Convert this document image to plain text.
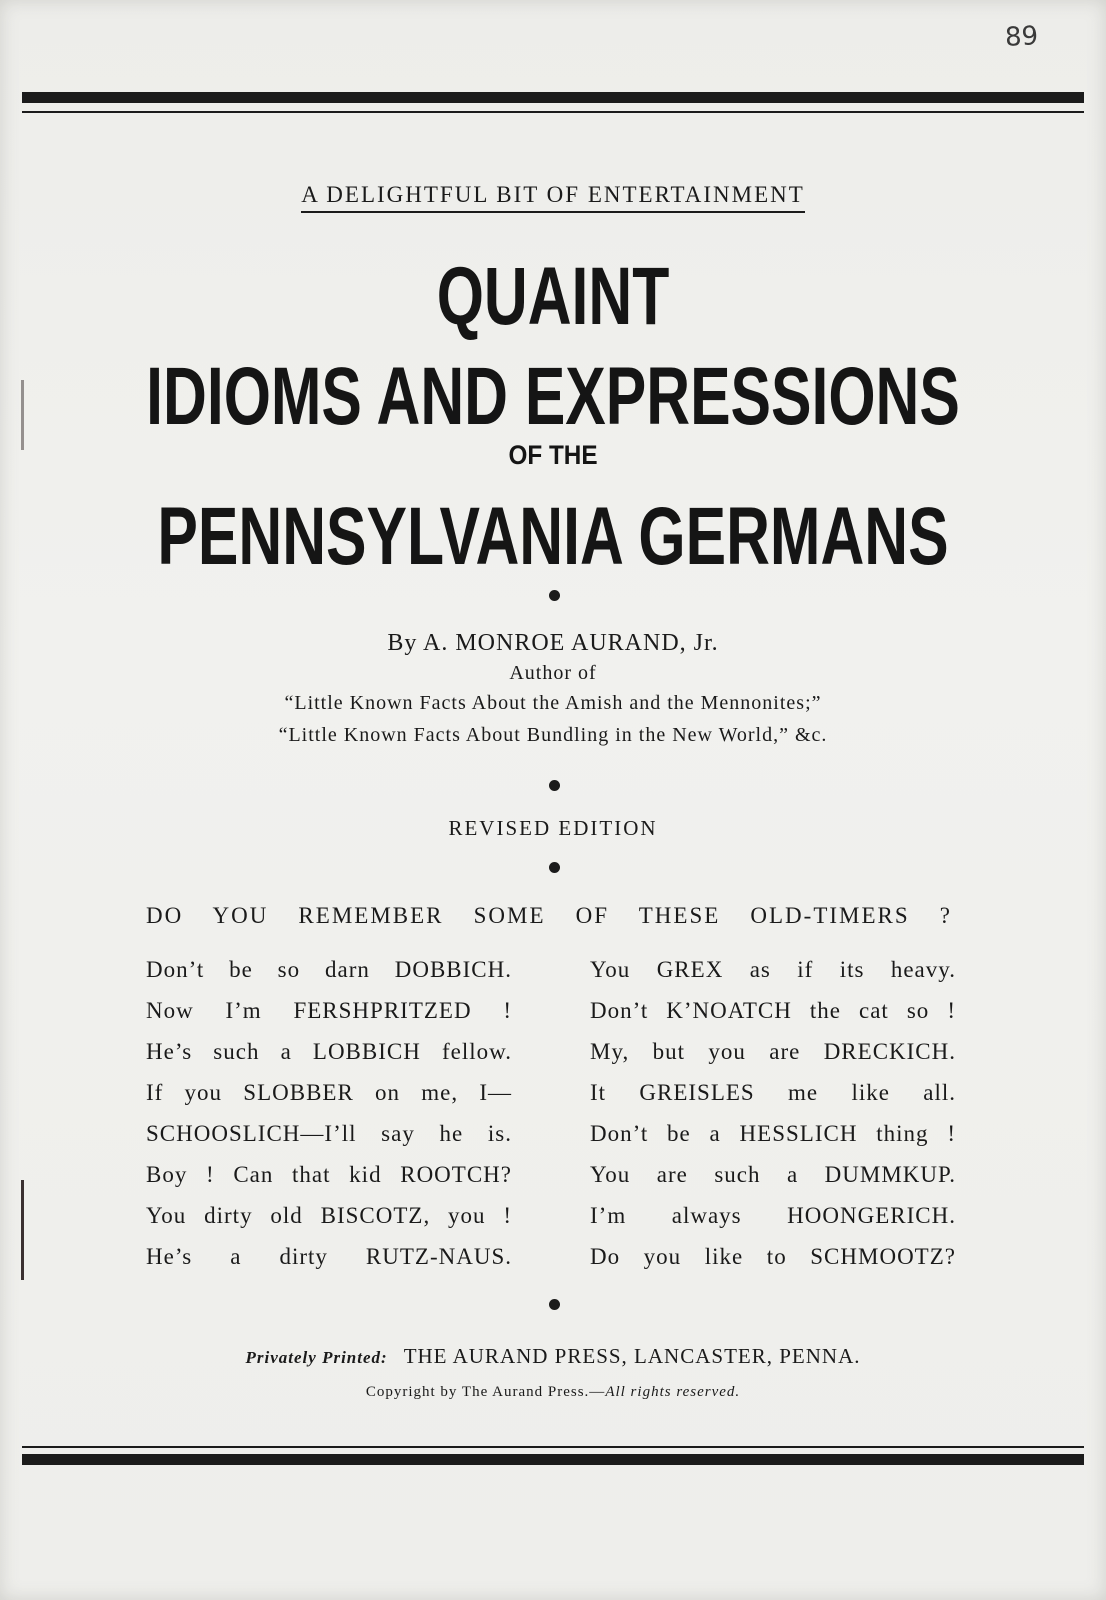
89
A DELIGHTFUL BIT OF ENTERTAINMENT
QUAINT
IDIOMS AND EXPRESSIONS
OF THE
PENNSYLVANIA GERMANS
By A. MONROE AURAND, Jr.
Author of
“Little Known Facts About the Amish and the Mennonites;”
“Little Known Facts About Bundling in the New World,” &c.
REVISED EDITION
DO YOU REMEMBER SOME OF THESE OLD-TIMERS ?
Don’t be so darn DOBBICH.
Now I’m FERSHPRITZED !
He’s such a LOBBICH fellow.
If you SLOBBER on me, I—
SCHOOSLICH—I’ll say he is.
Boy ! Can that kid ROOTCH?
You dirty old BISCOTZ, you !
He’s a dirty RUTZ-NAUS.
You GREX as if its heavy.
Don’t K’NOATCH the cat so !
My, but you are DRECKICH.
It GREISLES me like all.
Don’t be a HESSLICH thing !
You are such a DUMMKUP.
I’m always HOONGERICH.
Do you like to SCHMOOTZ?
Privately Printed: THE AURAND PRESS, LANCASTER, PENNA.
Copyright by The Aurand Press.—All rights reserved.
